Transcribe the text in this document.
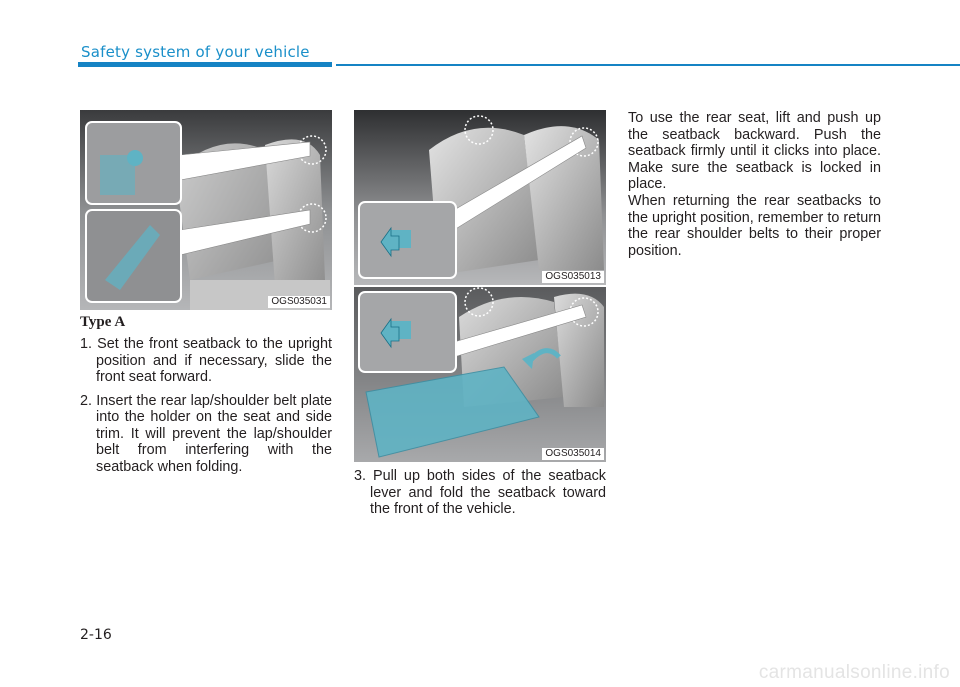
Safety system of your vehicle
OGS035031
OGS035013
OGS035014
Type A
1. Set the front seatback to the upright position and if necessary, slide the front seat forward.
2. Insert the rear lap/shoulder belt plate into the holder on the seat and side trim. It will prevent the lap/shoulder belt from interfering with the seatback when folding.
3. Pull up both sides of the seatback lever and fold the seatback toward the front of the vehicle.

To use the rear seat, lift and push up the seatback backward. Push the seatback firmly until it clicks into place. Make sure the seatback is locked in place.

When returning the rear seatbacks to the upright position, remember to return the rear shoulder belts to their proper position.

2-16
carmanualsonline.info
